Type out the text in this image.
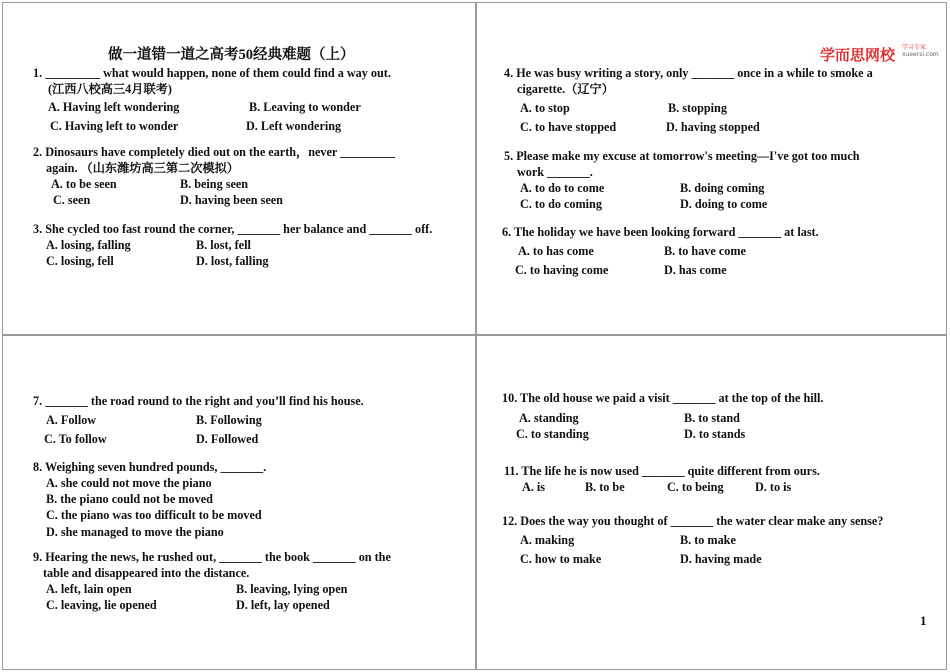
做一道错一道之高考50经典难题（上）	学而思网校 学习专家
xueersi.com
1. _________ what would happen, none of them could find a way out.
(江西八校高三4月联考)
A. Having left wondering	B. Leaving to wonder
C. Having left to wonder	D. Left wondering
2. Dinosaurs have completely died out on the earth，never _________
again. （山东潍坊高三第二次模拟）
A. to be seen	B. being seen
C. seen	D. having been seen
3. She cycled too fast round the corner, _______ her balance and _______ off.
A. losing, falling	B. lost, fell
C. losing, fell	D. lost, falling
4. He was busy writing a story, only _______ once in a while to smoke a
cigarette.（辽宁）
A. to stop	B. stopping
C. to have stopped	D. having stopped
5. Please make my excuse at tomorrow's meeting—I've got too much
work _______.
A. to do to come	B. doing coming
C. to do coming	D. doing to come
6. The holiday we have been looking forward _______ at last.
A. to has come	B. to have come
C. to having come	D. has come
7. _______ the road round to the right and you’ll find his house.
A. Follow	B. Following
C. To follow	D. Followed
8. Weighing seven hundred pounds, _______.
A. she could not move the piano
B. the piano could not be moved
C. the piano was too difficult to be moved
D. she managed to move the piano
9. Hearing the news, he rushed out, _______ the book _______ on the
table and disappeared into the distance.
A. left, lain open	B. leaving, lying open
C. leaving, lie opened	D. left, lay opened
10. The old house we paid a visit _______ at the top of the hill.
A. standing	B. to stand
C. to standing	D. to stands
11. The life he is now used _______ quite different from ours.
A. is	B. to be	C. to being	D. to is
12. Does the way you thought of _______ the water clear make any sense?
A. making	B. to make
C. how to make	D. having made
1
